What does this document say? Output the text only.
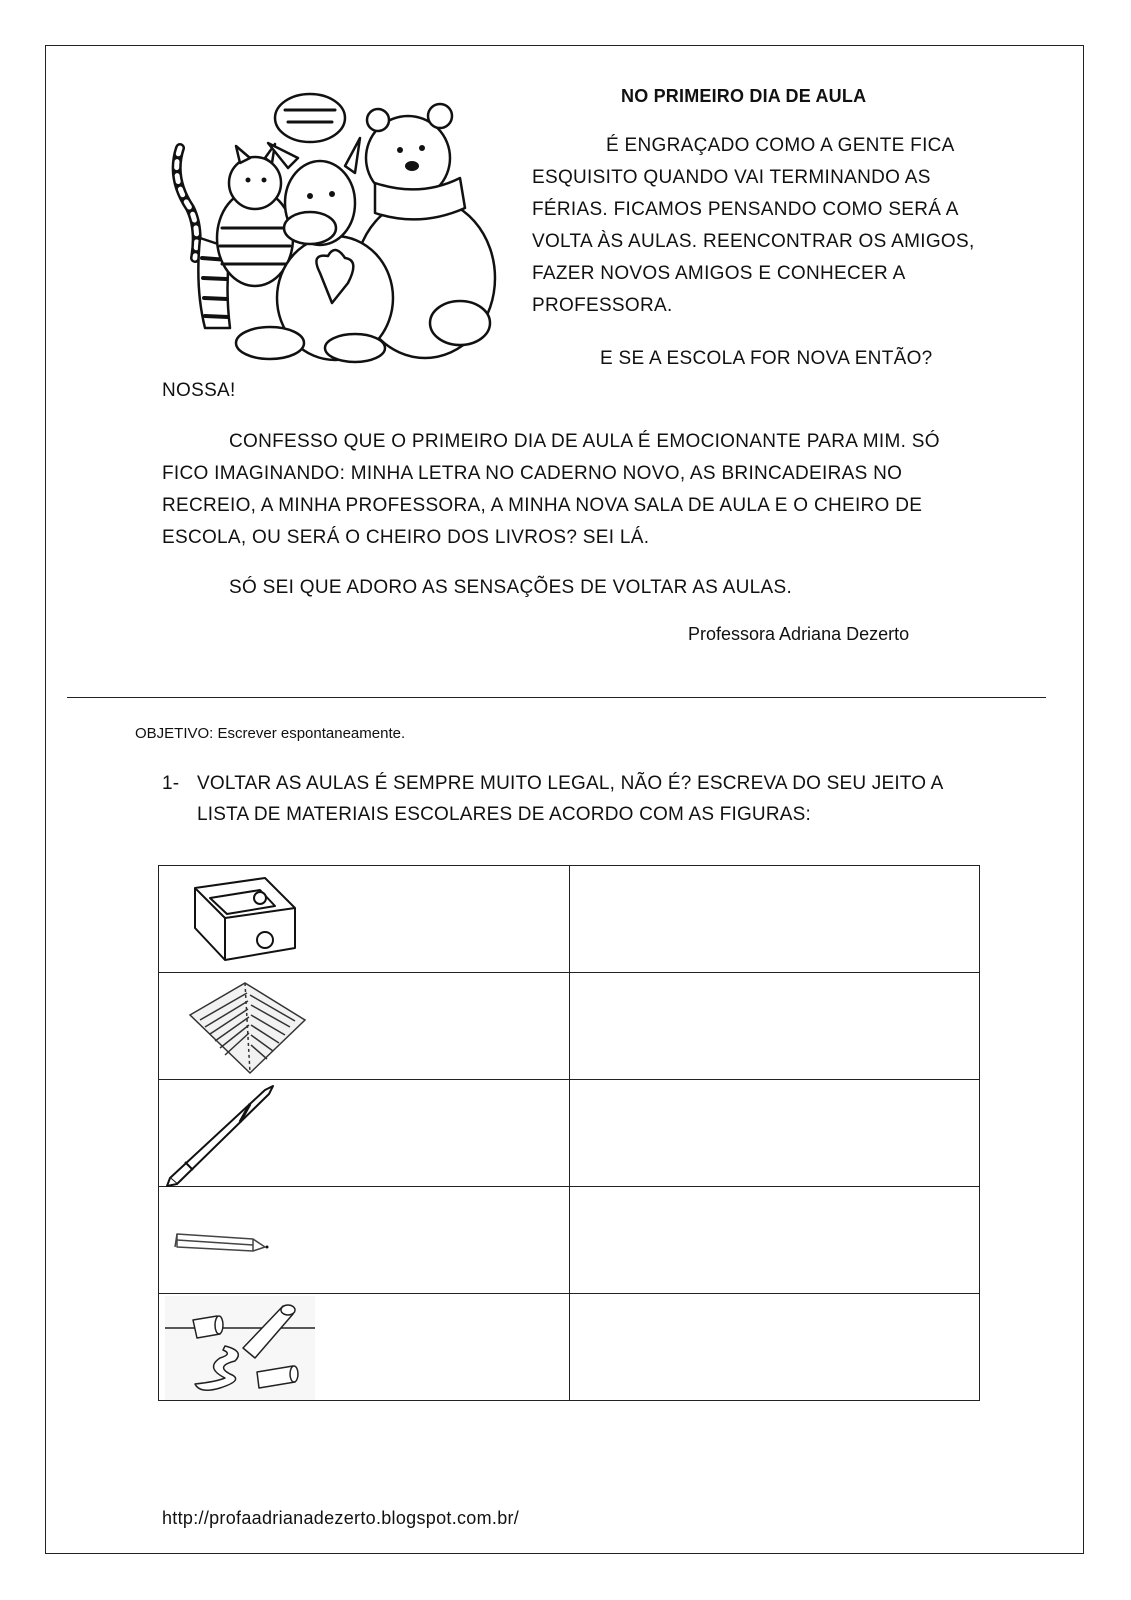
NO PRIMEIRO DIA DE AULA
É ENGRAÇADO COMO A GENTE FICA
ESQUISITO QUANDO VAI TERMINANDO AS
FÉRIAS. FICAMOS PENSANDO COMO SERÁ A
VOLTA ÀS AULAS. REENCONTRAR OS AMIGOS,
FAZER NOVOS AMIGOS E CONHECER A
PROFESSORA.
E SE A ESCOLA FOR NOVA ENTÃO?
NOSSA!
CONFESSO QUE O PRIMEIRO DIA DE AULA É EMOCIONANTE PARA MIM. SÓ
FICO IMAGINANDO: MINHA LETRA NO CADERNO NOVO, AS BRINCADEIRAS NO
RECREIO, A MINHA PROFESSORA, A MINHA NOVA SALA DE AULA E O CHEIRO DE
ESCOLA, OU SERÁ O CHEIRO DOS LIVROS? SEI LÁ.
SÓ SEI QUE ADORO AS SENSAÇÕES DE VOLTAR AS AULAS.
Professora Adriana Dezerto
OBJETIVO: Escrever espontaneamente.
1- VOLTAR AS AULAS É SEMPRE MUITO LEGAL, NÃO É? ESCREVA DO SEU JEITO A
LISTA DE MATERIAIS ESCOLARES DE ACORDO COM AS FIGURAS:

http://profaadrianadezerto.blogspot.com.br/
